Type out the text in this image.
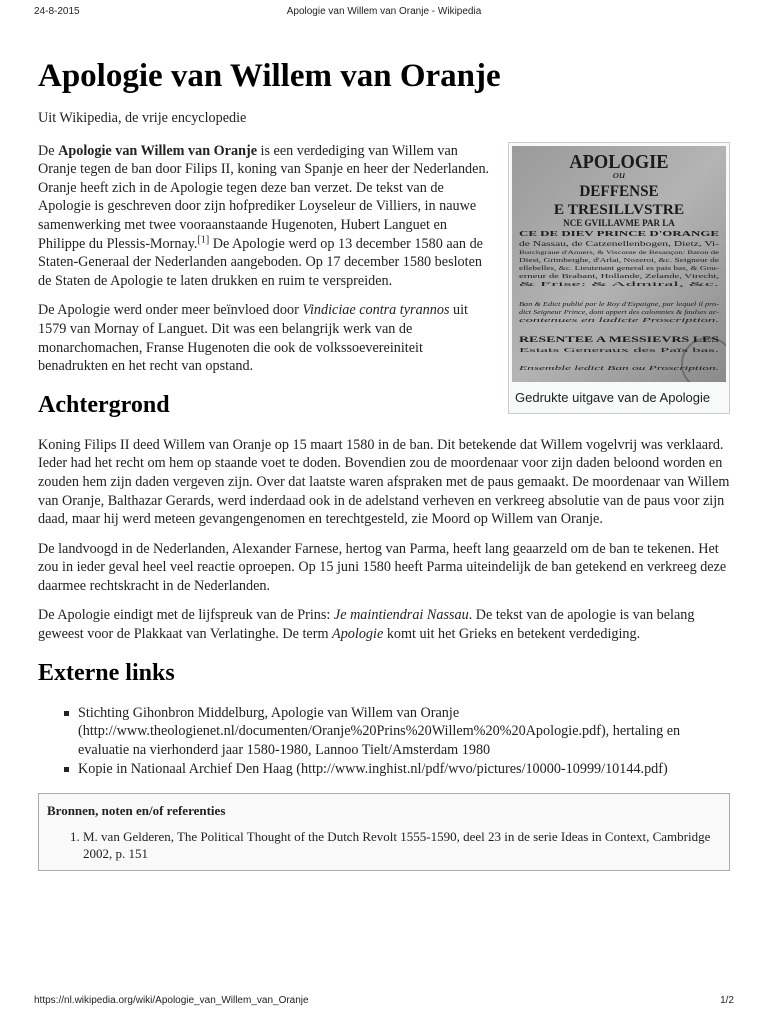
24-8-2015	Apologie van Willem van Oranje - Wikipedia
Apologie van Willem van Oranje
Uit Wikipedia, de vrije encyclopedie
APOLOGIE
ou
DEFFENSE
E TRESILLVSTRE
NCE GVILLAVME PAR LA
CE DE DIEV PRINCE D'ORANGE
de Nassau, de Catzenellenbogen, Dietz, Vi-
Burchgraue d'Anuers, & Visconte de Besançon: Baron de
Diest, Grimberghe, d'Arlai, Nozeroi, &c. Seigneur de
ellebelles, &c. Lieutenant general es pais bas, & Gou-
erneur de Brabant, Hollande, Zelande, Vtrecht,
& Frise: & Admiral, &c.
Ban & Edict publié par le Roy d'Espaigne, par lequel il pro-
dict Seigneur Prince, dont appert des calomnies & faulses ac-
contenues en ladicte Proscription.
RESENTEE A MESSIEVRS LES
Estats Generaux des Païs bas.
Ensemble ledict Ban ou Proscription.
Gedrukte uitgave van de Apologie

De Apologie van Willem van Oranje is een verdediging van Willem van Oranje tegen de ban door Filips II, koning van Spanje en heer der Nederlanden. Oranje heeft zich in de Apologie tegen deze ban verzet. De tekst van de Apologie is geschreven door zijn hofprediker Loyseleur de Villiers, in nauwe samenwerking met twee vooraanstaande Hugenoten, Hubert Languet en Philippe du Plessis-Mornay.[1] De Apologie werd op 13 december 1580 aan de Staten-Generaal der Nederlanden aangeboden. Op 17 december 1580 besloten de Staten de Apologie te laten drukken en ruim te verspreiden.

De Apologie werd onder meer beïnvloed door Vindiciae contra tyrannos uit 1579 van Mornay of Languet. Dit was een belangrijk werk van de monarchomachen, Franse Hugenoten die ook de volkssoevereiniteit benadrukten en het recht van opstand.

Achtergrond

Koning Filips II deed Willem van Oranje op 15 maart 1580 in de ban. Dit betekende dat Willem vogelvrij was verklaard. Ieder had het recht om hem op staande voet te doden. Bovendien zou de moordenaar voor zijn daden beloond worden en zouden hem zijn daden vergeven zijn. Over dat laatste waren afspraken met de paus gemaakt. De moordenaar van Willem van Oranje, Balthazar Gerards, werd inderdaad ook in de adelstand verheven en verkreeg absolutie van de paus voor zijn daad, maar hij werd meteen gevangengenomen en terechtgesteld, zie Moord op Willem van Oranje.

De landvoogd in de Nederlanden, Alexander Farnese, hertog van Parma, heeft lang geaarzeld om de ban te tekenen. Het zou in ieder geval heel veel reactie oproepen. Op 15 juni 1580 heeft Parma uiteindelijk de ban getekend en verkreeg deze daarmee rechtskracht in de Nederlanden.

De Apologie eindigt met de lijfspreuk van de Prins: Je maintiendrai Nassau. De tekst van de apologie is van belang geweest voor de Plakkaat van Verlatinghe. De term Apologie komt uit het Grieks en betekent verdediging.

Externe links
Stichting Gihonbron Middelburg, Apologie van Willem van Oranje (http://www.theologienet.nl/documenten/Oranje%20Prins%20Willem%20%20Apologie.pdf), hertaling en evaluatie na vierhonderd jaar 1580-1980, Lannoo Tielt/Amsterdam 1980
Kopie in Nationaal Archief Den Haag (http://www.inghist.nl/pdf/wvo/pictures/10000-10999/10144.pdf)
Bronnen, noten en/of referenties
1. M. van Gelderen, The Political Thought of the Dutch Revolt 1555-1590, deel 23 in de serie Ideas in Context, Cambridge 2002, p. 151
https://nl.wikipedia.org/wiki/Apologie_van_Willem_van_Oranje	1/2
